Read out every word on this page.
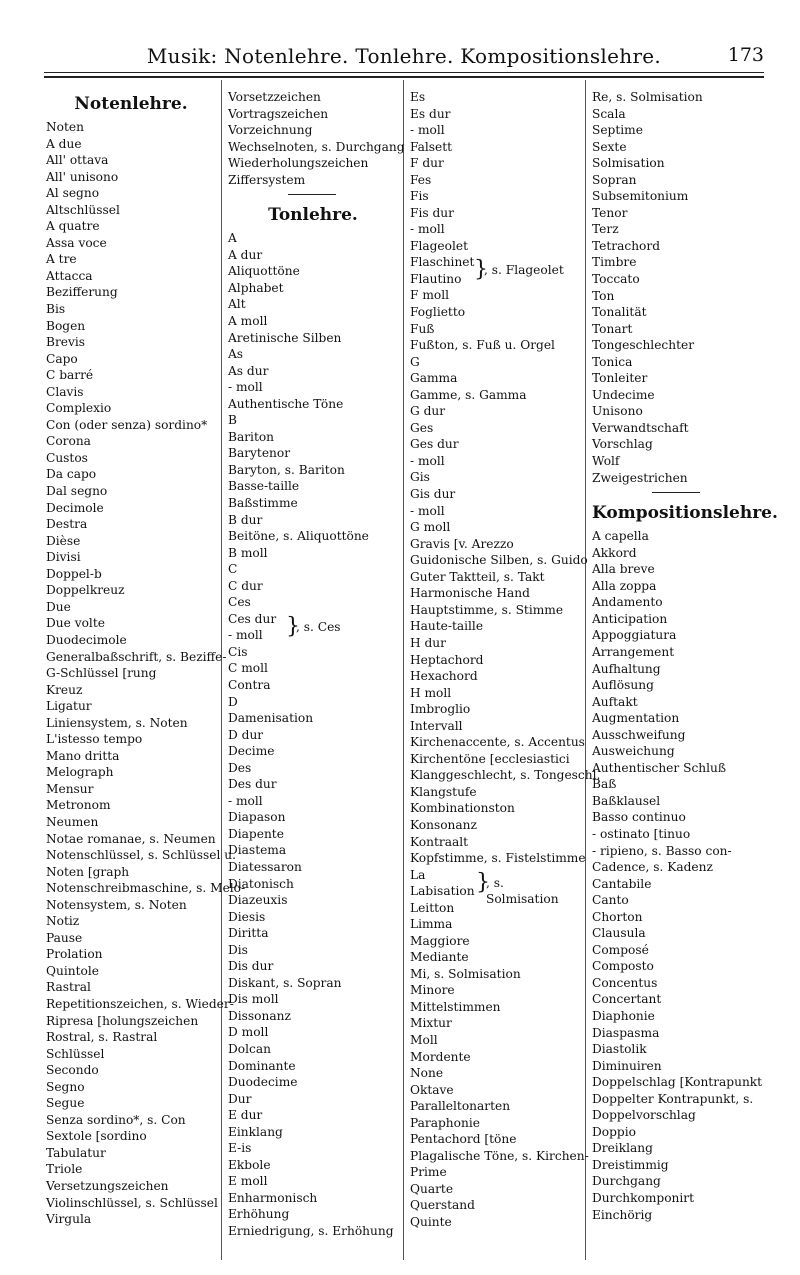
Musik: Notenlehre. Tonlehre. Kompositionslehre.	173
Notenlehre.
Noten
A due
All' ottava
All' unisono
Al segno
Altschlüssel
A quatre
Assa voce
A tre
Attacca
Bezifferung
Bis
Bogen
Brevis
Capo
C barré
Clavis
Complexio
Con (oder senza) sordino*
Corona
Custos
Da capo
Dal segno
Decimole
Destra
Dièse
Divisi
Doppel-b
Doppelkreuz
Due
Due volte
Duodecimole
Generalbaßschrift, s. Beziffe-
G-Schlüssel [rung
Kreuz
Ligatur
Liniensystem, s. Noten
L'istesso tempo
Mano dritta
Melograph
Mensur
Metronom
Neumen
Notae romanae, s. Neumen
Notenschlüssel, s. Schlüssel u.
Noten [graph
Notenschreibmaschine, s. Melo-
Notensystem, s. Noten
Notiz
Pause
Prolation
Quintole
Rastral
Repetitionszeichen, s. Wieder-
Ripresa [holungszeichen
Rostral, s. Rastral
Schlüssel
Secondo
Segno
Segue
Senza sordino*, s. Con
Sextole [sordino
Tabulatur
Triole
Versetzungszeichen
Violinschlüssel, s. Schlüssel
Virgula
Vorsetzzeichen
Vortragszeichen
Vorzeichnung
Wechselnoten, s. Durchgang
Wiederholungszeichen
Ziffersystem
Tonlehre.
A
A dur
Aliquottöne
Alphabet
Alt
A moll
Aretinische Silben
As
As dur
- moll
Authentische Töne
B
Bariton
Barytenor
Baryton, s. Bariton
Basse-taille
Baßstimme
B dur
Beitöne, s. Aliquottöne
B moll
C
C dur
Ces
Ces dur
- moll }
, s. Ces
Cis
C moll
Contra
D
Damenisation
D dur
Decime
Des
Des dur
- moll
Diapason
Diapente
Diastema
Diatessaron
Diatonisch
Diazeuxis
Diesis
Diritta
Dis
Dis dur
Diskant, s. Sopran
Dis moll
Dissonanz
D moll
Dolcan
Dominante
Duodecime
Dur
E dur
Einklang
E-is
Ekbole
E moll
Enharmonisch
Erhöhung
Erniedrigung, s. Erhöhung
Es
Es dur
- moll
Falsett
F dur
Fes
Fis
Fis dur
- moll
Flageolet
Flaschinet
Flautino }
, s. Flageolet
F moll
Foglietto
Fuß
Fußton, s. Fuß u. Orgel
G
Gamma
Gamme, s. Gamma
G dur
Ges
Ges dur
- moll
Gis
Gis dur
- moll
G moll
Gravis [v. Arezzo
Guidonische Silben, s. Guido
Guter Taktteil, s. Takt
Harmonische Hand
Hauptstimme, s. Stimme
Haute-taille
H dur
Heptachord
Hexachord
H moll
Imbroglio
Intervall
Kirchenaccente, s. Accentus
Kirchentöne [ecclesiastici
Klanggeschlecht, s. Tongeschl.
Klangstufe
Kombinationston
Konsonanz
Kontraalt
Kopfstimme, s. Fistelstimme
La
Labisation }
, s. Solmisation
Leitton
Limma
Maggiore
Mediante
Mi, s. Solmisation
Minore
Mittelstimmen
Mixtur
Moll
Mordente
None
Oktave
Paralleltonarten
Paraphonie
Pentachord [töne
Plagalische Töne, s. Kirchen-
Prime
Quarte
Querstand
Quinte
Re, s. Solmisation
Scala
Septime
Sexte
Solmisation
Sopran
Subsemitonium
Tenor
Terz
Tetrachord
Timbre
Toccato
Ton
Tonalität
Tonart
Tongeschlechter
Tonica
Tonleiter
Undecime
Unisono
Verwandtschaft
Vorschlag
Wolf
Zweigestrichen
Kompositionslehre.
A capella
Akkord
Alla breve
Alla zoppa
Andamento
Anticipation
Appoggiatura
Arrangement
Aufhaltung
Auflösung
Auftakt
Augmentation
Ausschweifung
Ausweichung
Authentischer Schluß
Baß
Baßklausel
Basso continuo
- ostinato [tinuo
- ripieno, s. Basso con-
Cadence, s. Kadenz
Cantabile
Canto
Chorton
Clausula
Composé
Composto
Concentus
Concertant
Diaphonie
Diaspasma
Diastolik
Diminuiren
Doppelschlag [Kontrapunkt
Doppelter Kontrapunkt, s.
Doppelvorschlag
Doppio
Dreiklang
Dreistimmig
Durchgang
Durchkomponirt
Einchörig
